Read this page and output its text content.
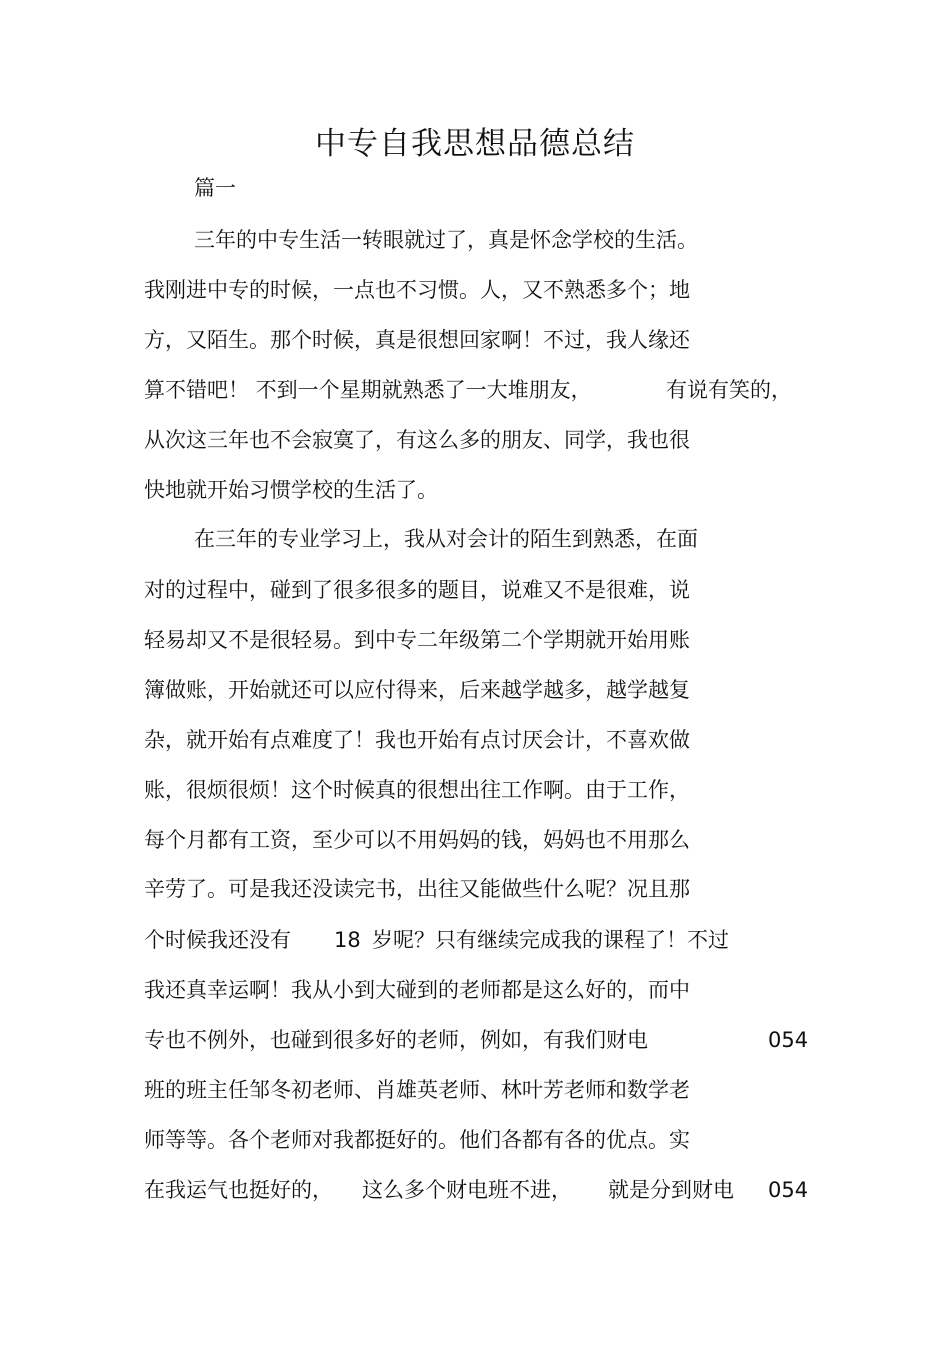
中专自我思想品德总结
篇一
三年的中专生活一转眼就过了，真是怀念学校的生活。
我刚进中专的时候，一点也不习惯。人，又不熟悉多个；地
方，又陌生。那个时候，真是很想回家啊！不过，我人缘还
算不错吧！ 不到一个星期就熟悉了一大堆朋友，	有说有笑的，
从次这三年也不会寂寞了，有这么多的朋友、同学，我也很
快地就开始习惯学校的生活了。
在三年的专业学习上，我从对会计的陌生到熟悉，在面
对的过程中，碰到了很多很多的题目，说难又不是很难，说
轻易却又不是很轻易。到中专二年级第二个学期就开始用账
簿做账，开始就还可以应付得来，后来越学越多，越学越复
杂，就开始有点难度了！我也开始有点讨厌会计，不喜欢做
账，很烦很烦！这个时候真的很想出往工作啊。由于工作，
每个月都有工资，至少可以不用妈妈的钱，妈妈也不用那么
辛劳了。可是我还没读完书，出往又能做些什么呢？况且那
个时候我还没有 18 岁呢？只有继续完成我的课程了！不过
我还真幸运啊！我从小到大碰到的老师都是这么好的，而中
专也不例外，也碰到很多好的老师，例如，有我们财电	054
班的班主任邹冬初老师、肖雄英老师、林叶芳老师和数学老
师等等。各个老师对我都挺好的。他们各都有各的优点。实
在我运气也挺好的， 这么多个财电班不进， 就是分到财电 054
